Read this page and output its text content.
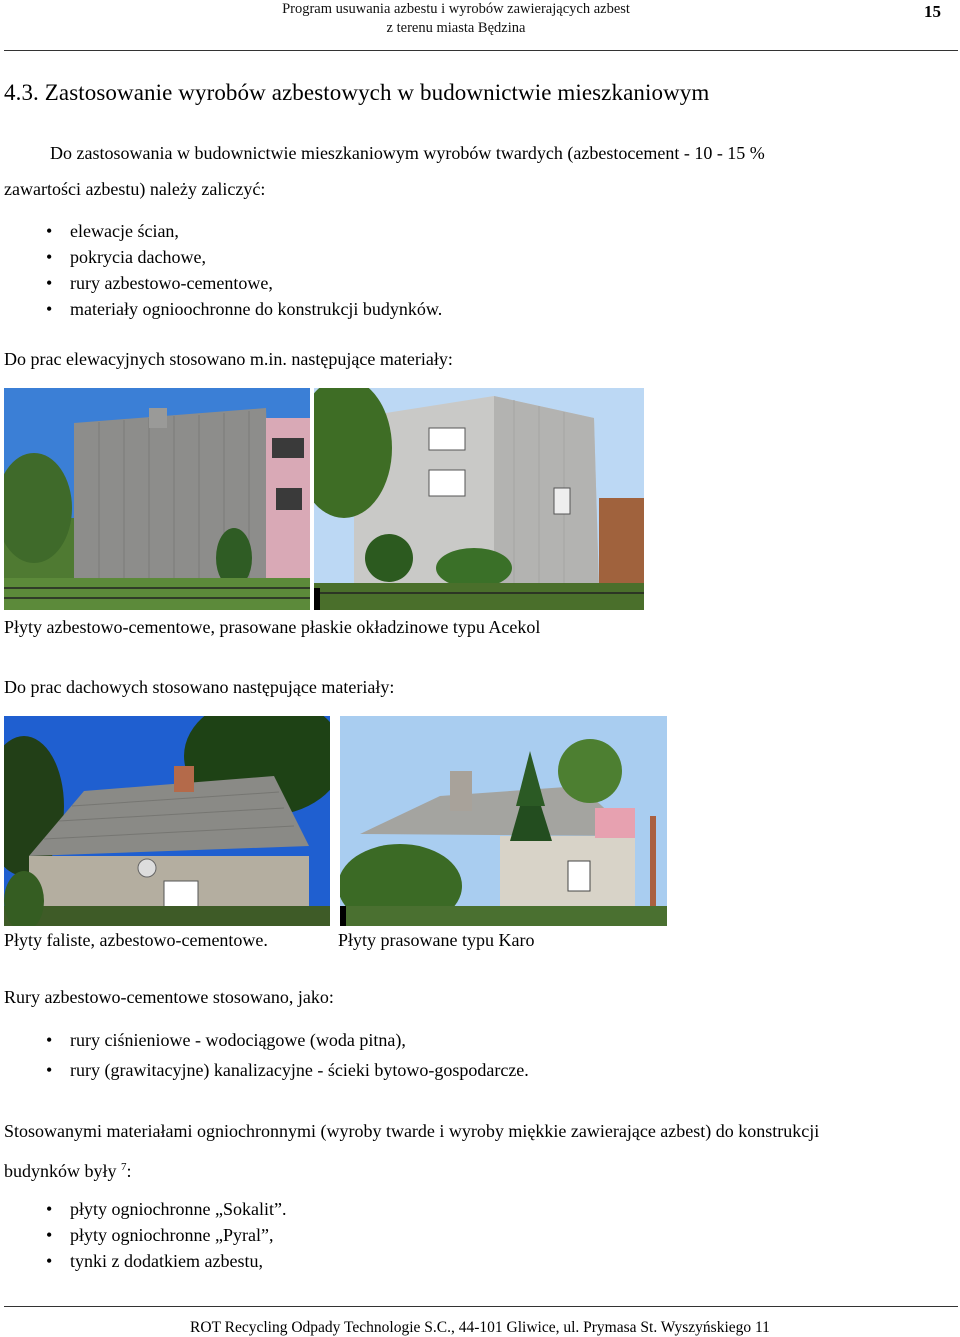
Program usuwania azbestu i wyrobów zawierających azbest
z terenu miasta Będzina
15
4.3. Zastosowanie wyrobów azbestowych w budownictwie mieszkaniowym
Do zastosowania w budownictwie mieszkaniowym wyrobów twardych (azbestocement - 10 - 15 %
zawartości azbestu) należy zaliczyć:
• elewacje ścian,
• pokrycia dachowe,
• rury azbestowo-cementowe,
• materiały ognioochronne do konstrukcji budynków.
Do prac elewacyjnych stosowano m.in. następujące materiały:
Płyty azbestowo-cementowe, prasowane płaskie okładzinowe typu Acekol
Do prac dachowych stosowano następujące materiały:
Płyty faliste, azbestowo-cementowe.	Płyty prasowane typu Karo
Rury azbestowo-cementowe stosowano, jako:
• rury ciśnieniowe - wodociągowe (woda pitna),
• rury (grawitacyjne) kanalizacyjne - ścieki bytowo-gospodarcze.
Stosowanymi materiałami ogniochronnymi (wyroby twarde i wyroby miękkie zawierające azbest) do konstrukcji
budynków były $^7$:
• płyty ogniochronne „Sokalit”.
• płyty ogniochronne „Pyral”,
• tynki z dodatkiem azbestu,
ROT Recycling Odpady Technologie S.C., 44-101 Gliwice, ul. Prymasa St. Wyszyńskiego 11
